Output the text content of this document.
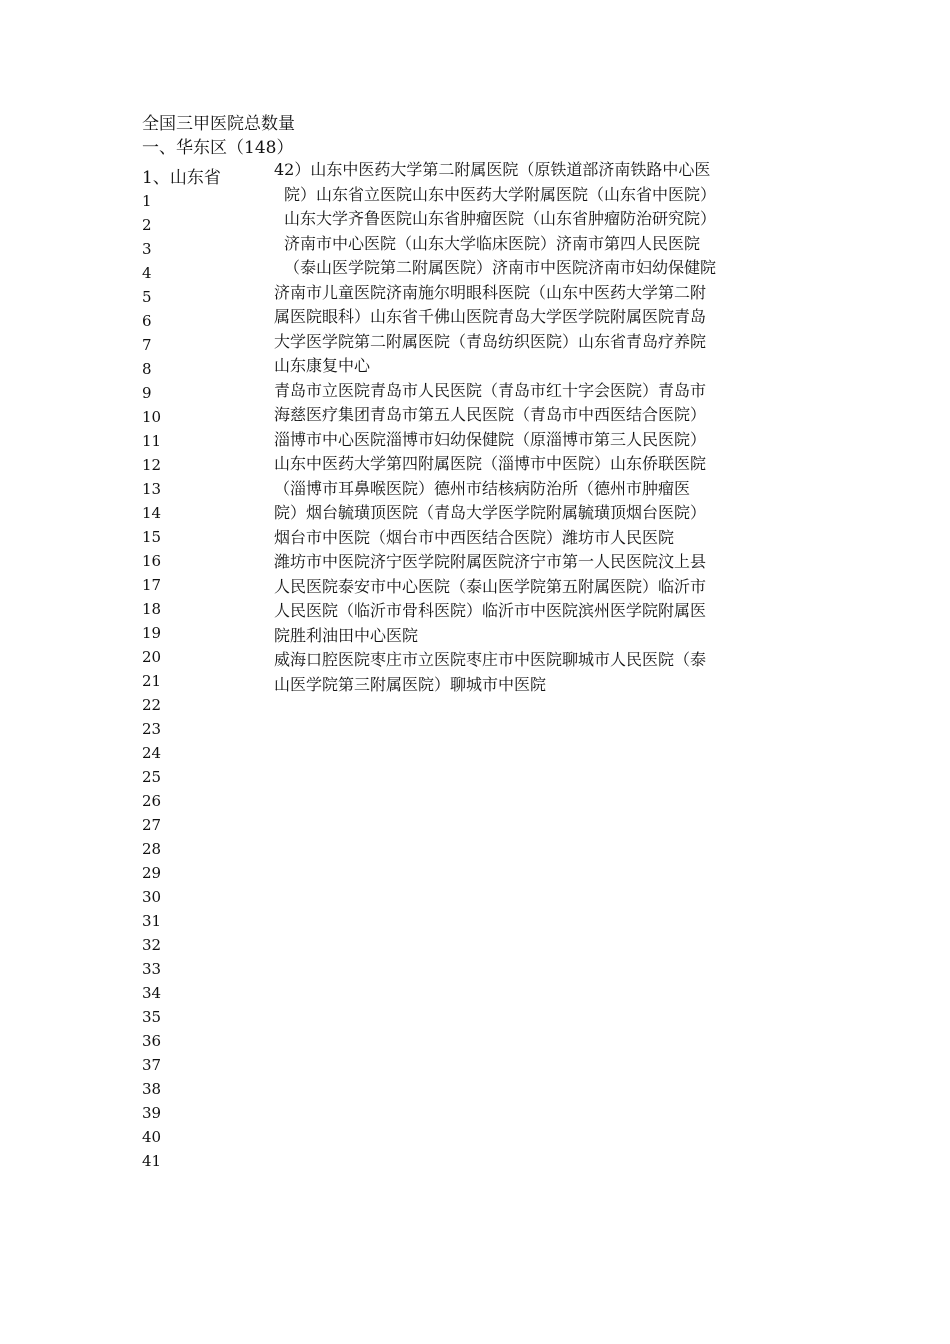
全国三甲医院总数量
一、华东区（148）
1、山东省
1
2
3
4
5
6
7
8
9
10
11
12
13
14
15
16
17
18
19
20
21
22
23
24
25
26
27
28
29
30
31
32
33
34
35
36
37
38
39
40
41
42）山东中医药大学第二附属医院（原铁道部济南铁路中心医
院）山东省立医院山东中医药大学附属医院（山东省中医院）
山东大学齐鲁医院山东省肿瘤医院（山东省肿瘤防治研究院）
济南市中心医院（山东大学临床医院）济南市第四人民医院
（泰山医学院第二附属医院）济南市中医院济南市妇幼保健院
济南市儿童医院济南施尔明眼科医院（山东中医药大学第二附
属医院眼科）山东省千佛山医院青岛大学医学院附属医院青岛
大学医学院第二附属医院（青岛纺织医院）山东省青岛疗养院
山东康复中心
青岛市立医院青岛市人民医院（青岛市红十字会医院）青岛市
海慈医疗集团青岛市第五人民医院（青岛市中西医结合医院）
淄博市中心医院淄博市妇幼保健院（原淄博市第三人民医院）
山东中医药大学第四附属医院（淄博市中医院）山东侨联医院
（淄博市耳鼻喉医院）德州市结核病防治所（德州市肿瘤医
院）烟台毓璜顶医院（青岛大学医学院附属毓璜顶烟台医院）
烟台市中医院（烟台市中西医结合医院）潍坊市人民医院
潍坊市中医院济宁医学院附属医院济宁市第一人民医院汶上县
人民医院泰安市中心医院（泰山医学院第五附属医院）临沂市
人民医院（临沂市骨科医院）临沂市中医院滨州医学院附属医
院胜利油田中心医院
威海口腔医院枣庄市立医院枣庄市中医院聊城市人民医院（泰
山医学院第三附属医院）聊城市中医院
